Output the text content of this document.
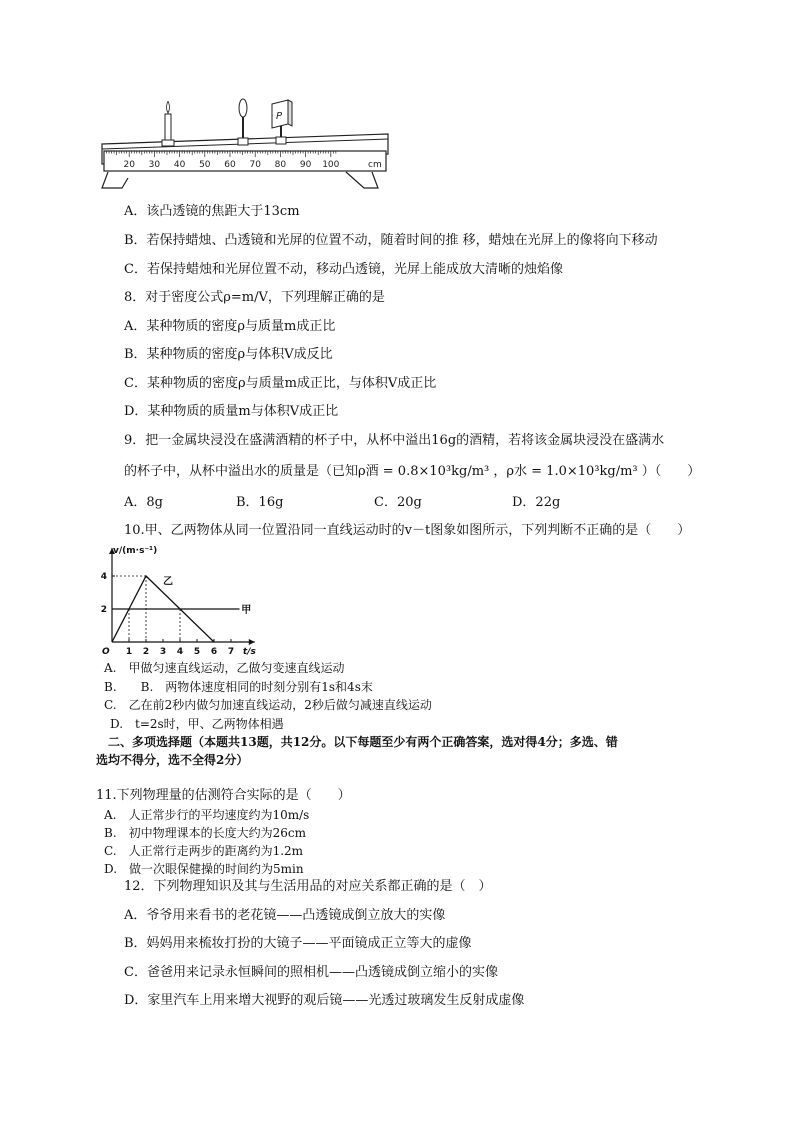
20 30 40 50 60 70 80 90 100	cm
P
A．该凸透镜的焦距大于13cm
B．若保持蜡烛、凸透镜和光屏的位置不动，随着时间的推 移，蜡烛在光屏上的像将向下移动
C．若保持蜡烛和光屏位置不动，移动凸透镜，光屏上能成放大清晰的烛焰像
8．对于密度公式ρ=m/V，下列理解正确的是
A．某种物质的密度ρ与质量m成正比
B．某种物质的密度ρ与体积V成反比
C．某种物质的密度ρ与质量m成正比，与体积V成正比
D．某种物质的质量m与体积V成正比
9．把一金属块浸没在盛满酒精的杯子中，从杯中溢出16g的酒精，若将该金属块浸没在盛满水
的杯子中，从杯中溢出水的质量是（已知ρ酒 = 0.8×10³kg/m³ ，ρ水 = 1.0×10³kg/m³ ）（　　）
A．8g	B．16g	C．20g	D．22g
10.甲、乙两物体从同一位置沿同一直线运动时的v－t图象如图所示，下列判断不正确的是（　　）
v/(m·s⁻¹)
t/s
O 1 2 3 4 5 6 7
2
4
甲
乙
A.　甲做匀速直线运动，乙做匀变速直线运动
B.　　B.　两物体速度相同的时刻分别有1s和4s末
C.　乙在前2秒内做匀加速直线运动，2秒后做匀减速直线运动
D.　t=2s时，甲、乙两物体相遇
二、多项选择题（本题共13题，共12分。以下每题至少有两个正确答案，选对得4分；多选、错
选均不得分，选不全得2分）
11.下列物理量的估测符合实际的是（　　）
A.　人正常步行的平均速度约为10m/s
B.　初中物理课本的长度大约为26cm
C.　人正常行走两步的距离约为1.2m
D.　做一次眼保健操的时间约为5min
12．下列物理知识及其与生活用品的对应关系都正确的是（　）
A．爷爷用来看书的老花镜——凸透镜成倒立放大的实像
B．妈妈用来梳妆打扮的大镜子——平面镜成正立等大的虚像
C．爸爸用来记录永恒瞬间的照相机——凸透镜成倒立缩小的实像
D．家里汽车上用来增大视野的观后镜——光透过玻璃发生反射成虚像
